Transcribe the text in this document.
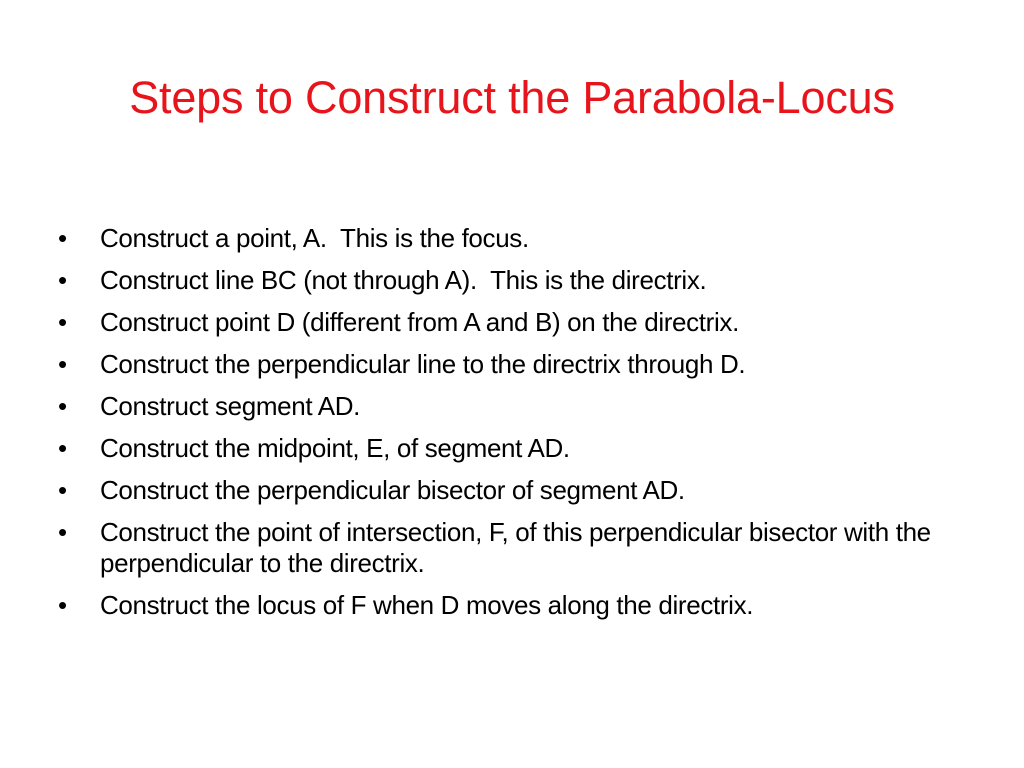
Steps to Construct the Parabola-Locus
•	Construct a point, A.  This is the focus.
•	Construct line BC (not through A).  This is the directrix.
•	Construct point D (different from A and B) on the directrix.
•	Construct the perpendicular line to the directrix through D.
•	Construct segment AD.
•	Construct the midpoint, E, of segment AD.
•	Construct the perpendicular bisector of segment AD.
•	Construct the point of intersection, F, of this perpendicular bisector with the perpendicular to the directrix.
•	Construct the locus of F when D moves along the directrix.
